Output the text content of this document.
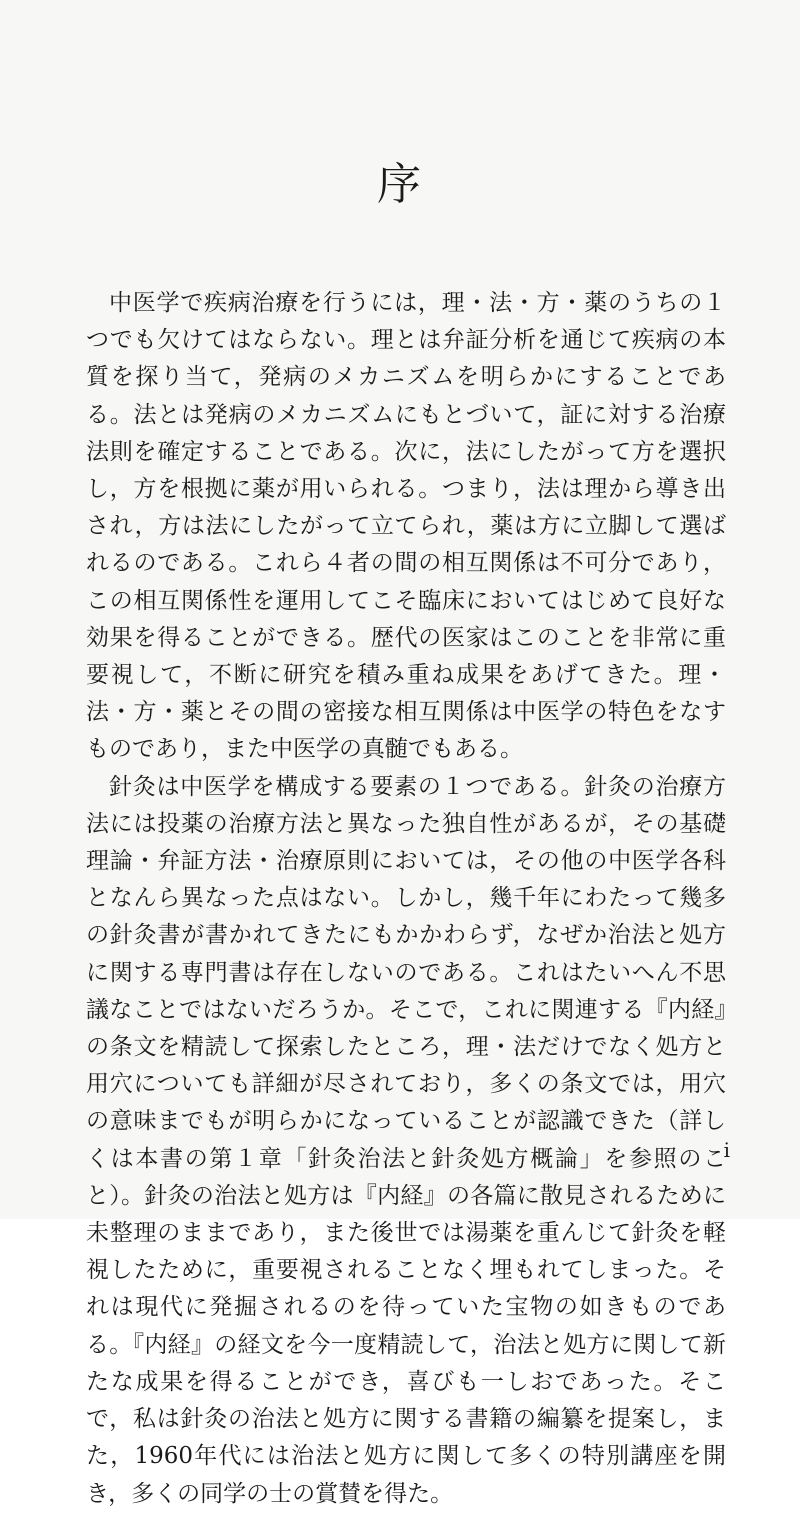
序

中医学で疾病治療を行うには，理・法・方・薬のうちの１つでも欠けてはならない。理とは弁証分析を通じて疾病の本質を探り当て，発病のメカニズムを明らかにすることである。法とは発病のメカニズムにもとづいて，証に対する治療法則を確定することである。次に，法にしたがって方を選択し，方を根拠に薬が用いられる。つまり，法は理から導き出され，方は法にしたがって立てられ，薬は方に立脚して選ばれるのである。これら４者の間の相互関係は不可分であり，この相互関係性を運用してこそ臨床においてはじめて良好な効果を得ることができる。歴代の医家はこのことを非常に重要視して，不断に研究を積み重ね成果をあげてきた。理・法・方・薬とその間の密接な相互関係は中医学の特色をなすものであり，また中医学の真髄でもある。

針灸は中医学を構成する要素の１つである。針灸の治療方法には投薬の治療方法と異なった独自性があるが，その基礎理論・弁証方法・治療原則においては，その他の中医学各科となんら異なった点はない。しかし，幾千年にわたって幾多の針灸書が書かれてきたにもかかわらず，なぜか治法と処方に関する専門書は存在しないのである。これはたいへん不思議なことではないだろうか。そこで，これに関連する『内経』の条文を精読して探索したところ，理・法だけでなく処方と用穴についても詳細が尽されており，多くの条文では，用穴の意味までもが明らかになっていることが認識できた（詳しくは本書の第１章「針灸治法と針灸処方概論」を参照のこと）。針灸の治法と処方は『内経』の各篇に散見されるために未整理のままであり，また後世では湯薬を重んじて針灸を軽視したために，重要視されることなく埋もれてしまった。それは現代に発掘されるのを待っていた宝物の如きものである。『内経』の経文を今一度精読して，治法と処方に関して新たな成果を得ることができ，喜びも一しおであった。そこで，私は針灸の治法と処方に関する書籍の編纂を提案し，また，1960年代には治法と処方に関して多くの特別講座を開き，多くの同学の士の賞賛を得た。

i
